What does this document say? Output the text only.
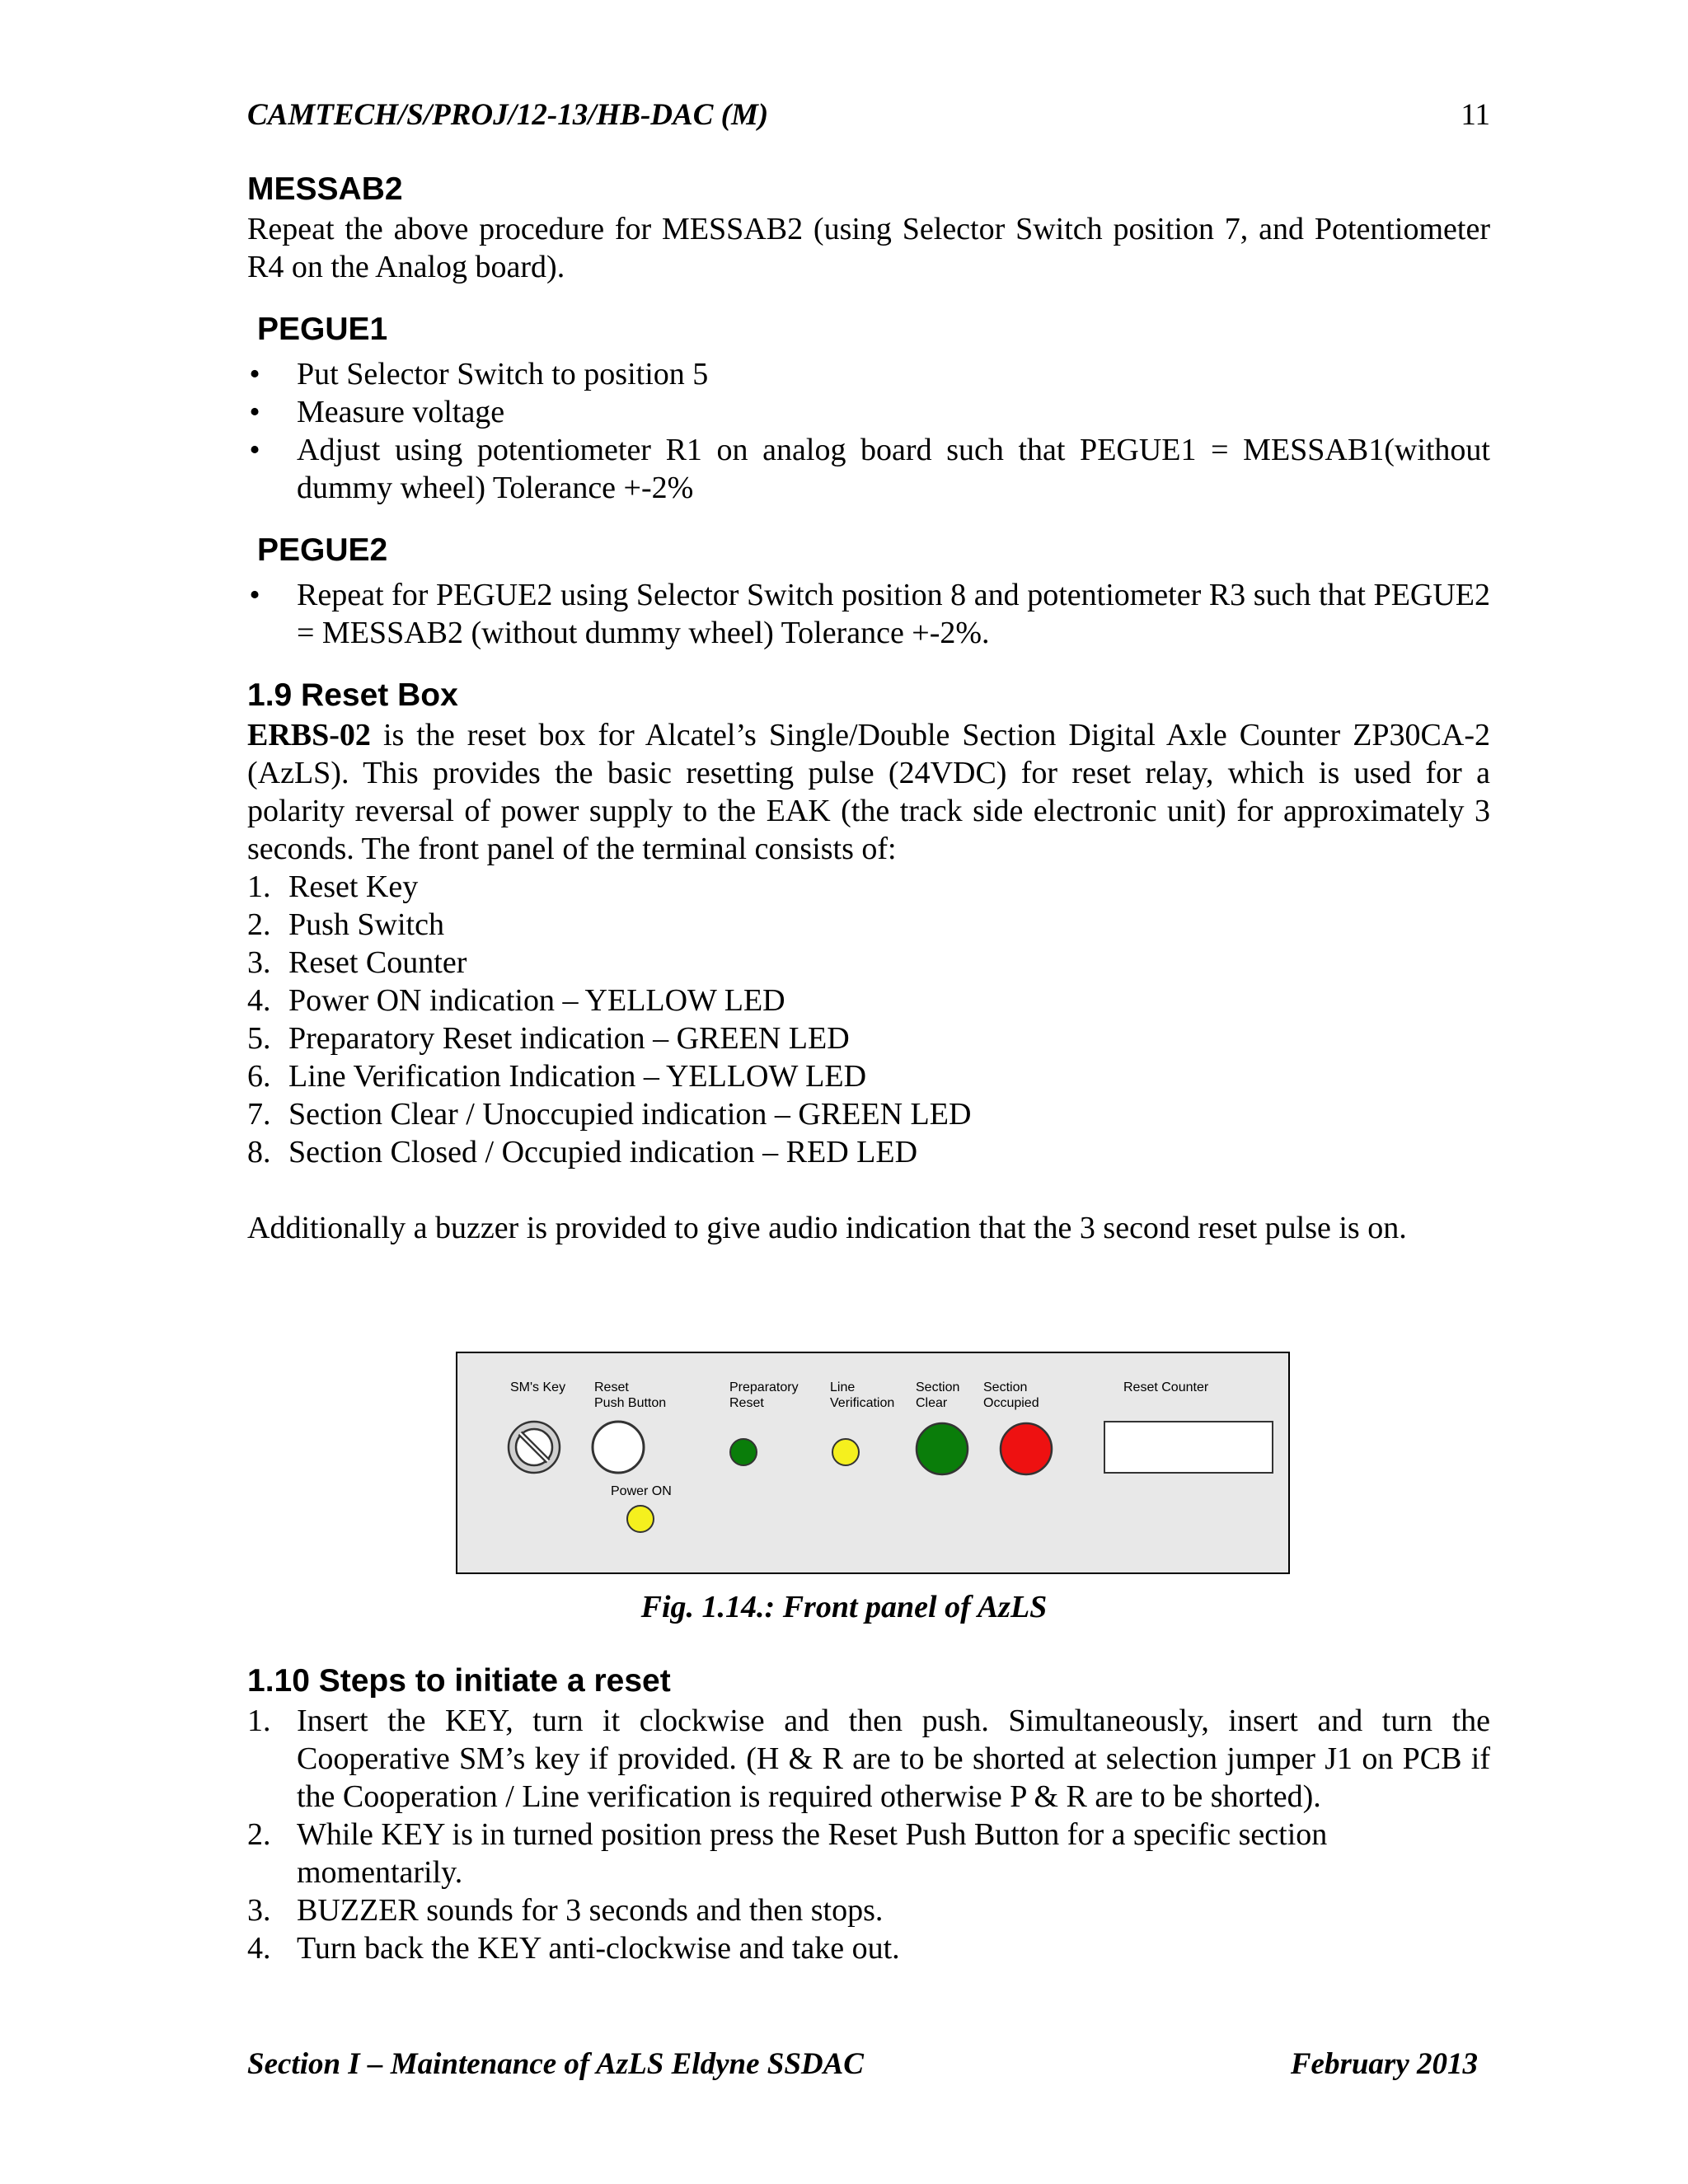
CAMTECH/S/PROJ/12-13/HB-DAC (M)	11
MESSAB2

Repeat the above procedure for MESSAB2 (using Selector Switch position 7, and Potentiometer R4 on the Analog board).

PEGUE1
• Put Selector Switch to position 5
• Measure voltage
• Adjust using potentiometer R1 on analog board such that PEGUE1 = MESSAB1(without dummy wheel) Tolerance +-2%
PEGUE2
• Repeat for PEGUE2 using Selector Switch position 8 and potentiometer R3 such that PEGUE2 = MESSAB2 (without dummy wheel) Tolerance +-2%.
1.9 Reset Box

ERBS-02 is the reset box for Alcatel’s Single/Double Section Digital Axle Counter ZP30CA-2 (AzLS). This provides the basic resetting pulse (24VDC) for reset relay, which is used for a polarity reversal of power supply to the EAK (the track side electronic unit) for approximately 3 seconds. The front panel of the terminal consists of:

1. Reset Key
2. Push Switch
3. Reset Counter
4. Power ON indication – YELLOW LED
5. Preparatory Reset indication – GREEN LED
6. Line Verification Indication – YELLOW LED
7. Section Clear / Unoccupied indication – GREEN LED
8. Section Closed / Occupied indication – RED LED

Additionally a buzzer is provided to give audio indication that the 3 second reset pulse is on.

SM's Key Reset
Push Button
Preparatory
Reset
Line
Verification
Section
Clear
Section
Occupied
Reset Counter
Power ON
Fig. 1.14.: Front panel of AzLS
1.10 Steps to initiate a reset
1. Insert the KEY, turn it clockwise and then push. Simultaneously, insert and turn the Cooperative SM’s key if provided. (H & R are to be shorted at selection jumper J1 on PCB if the Cooperation / Line verification is required otherwise P & R are to be shorted).
2. While KEY is in turned position press the Reset Push Button for a specific section momentarily.
3. BUZZER sounds for 3 seconds and then stops.
4. Turn back the KEY anti-clockwise and take out.
Section I – Maintenance of AzLS Eldyne SSDAC	February 2013
